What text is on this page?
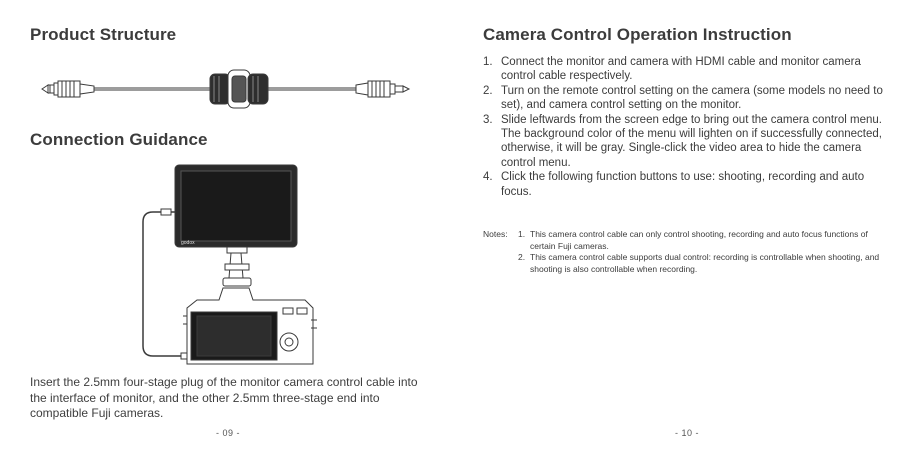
Product Structure
Connection Guidance
godox
Insert the 2.5mm four-stage plug of the monitor camera control cable into the interface of monitor, and the other 2.5mm three-stage end into compatible Fuji cameras.
- 09 -
Camera Control Operation Instruction
1. Connect the monitor and camera with HDMI cable and monitor camera control cable respectively.
2. Turn on the remote control setting on the camera (some models no need to set), and camera control setting on the monitor.
3. Slide leftwards from the screen edge to bring out the camera control menu. The background color of the menu will lighten on if successfully connected, otherwise, it will be gray. Single-click the video area to hide the camera control menu.
4. Click the following function buttons to use: shooting, recording and auto focus.
Notes: 1. This camera control cable can only control shooting, recording and auto focus functions of certain Fuji cameras.
2. This camera control cable supports dual control: recording is controllable when shooting, and shooting is also controllable when recording.
- 10 -
